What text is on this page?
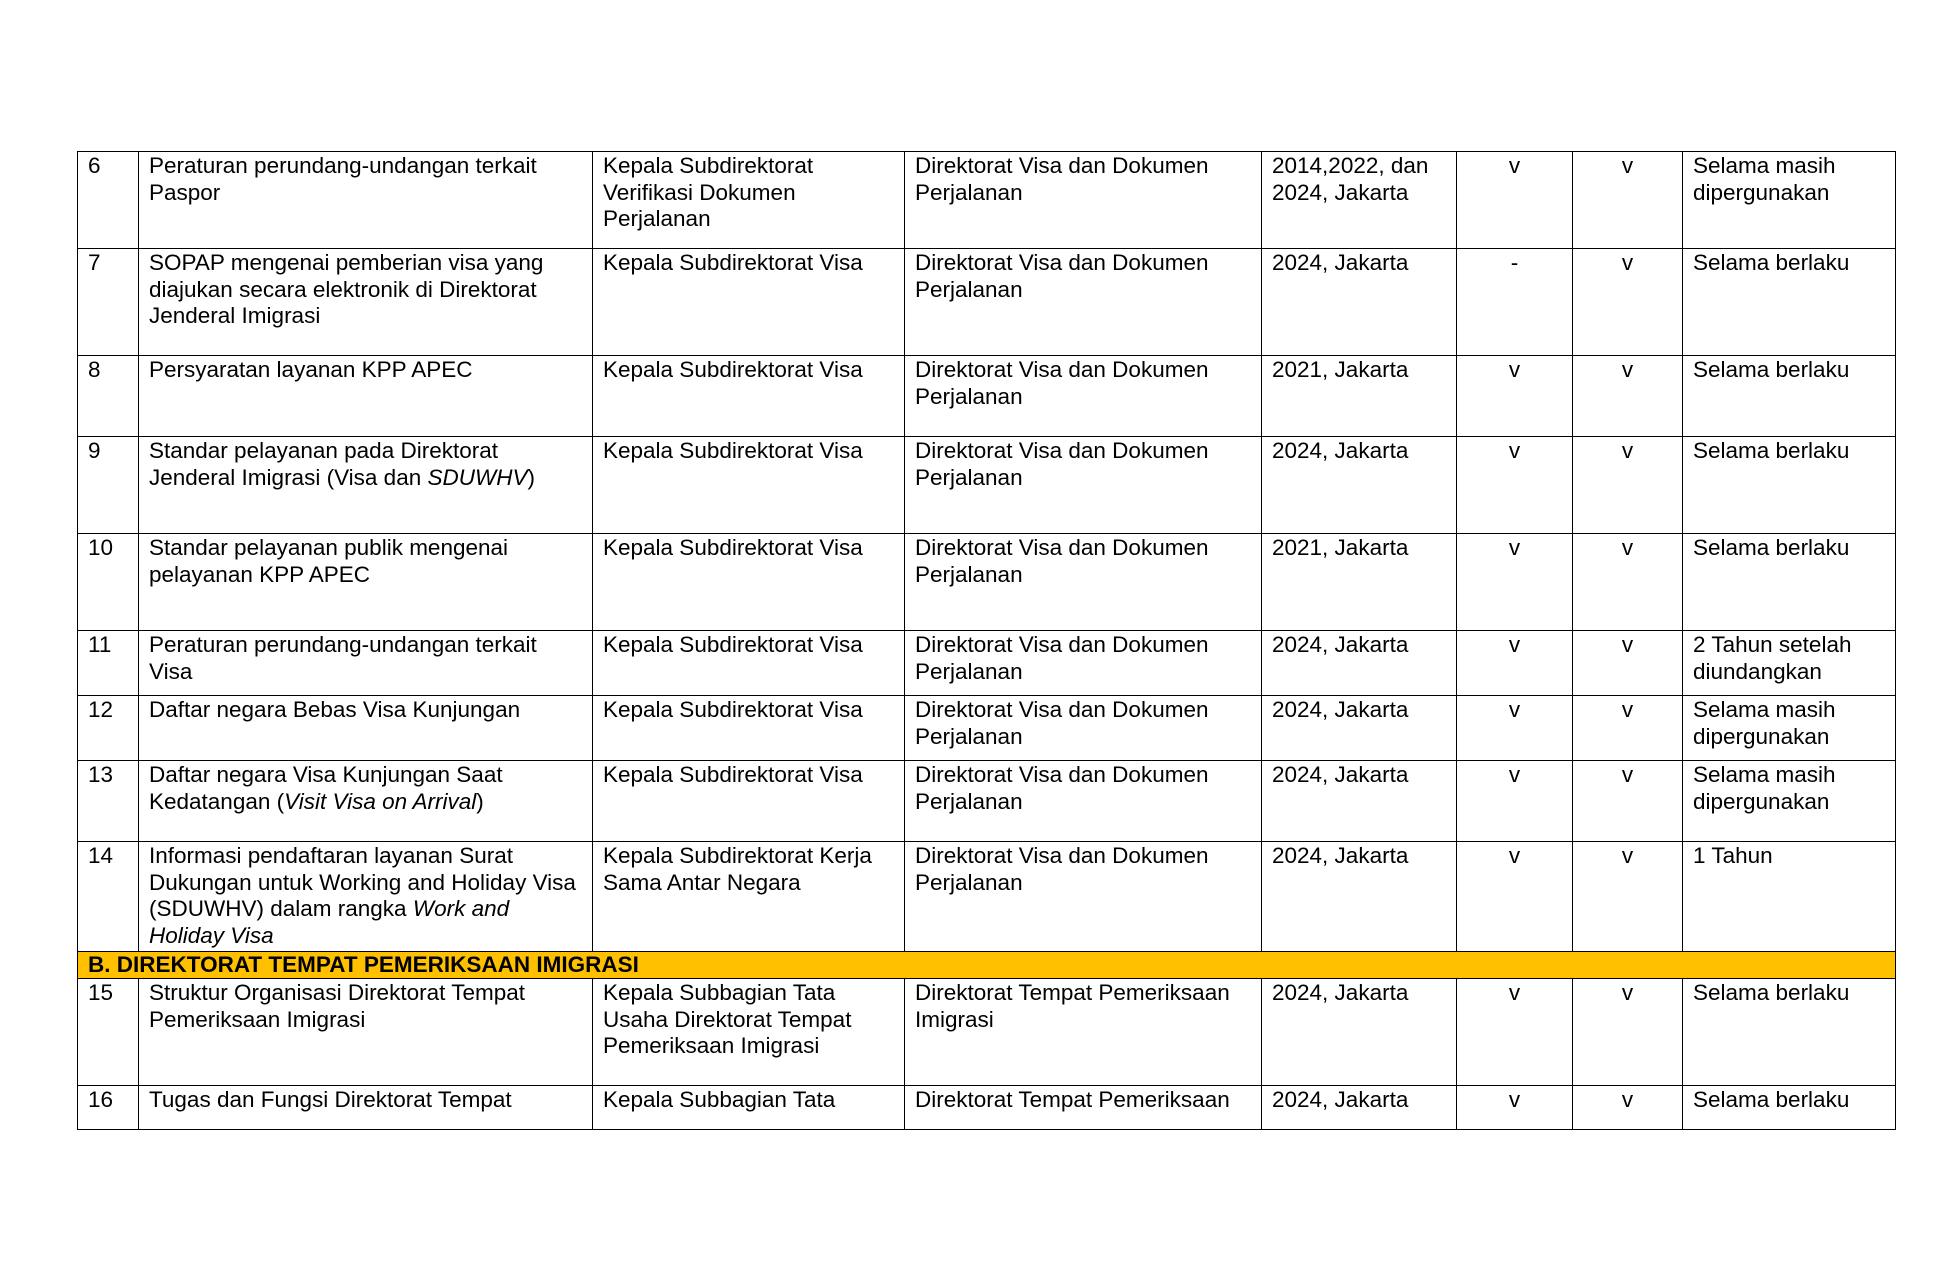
6	Peraturan perundang-undangan terkait Paspor	Kepala Subdirektorat Verifikasi Dokumen Perjalanan	Direktorat Visa dan Dokumen Perjalanan	2014,2022, dan 2024, Jakarta	v	v	Selama masih dipergunakan
7	SOPAP mengenai pemberian visa yang diajukan secara elektronik di Direktorat Jenderal Imigrasi	Kepala Subdirektorat Visa	Direktorat Visa dan Dokumen Perjalanan	2024, Jakarta	-	v	Selama berlaku
8	Persyaratan layanan KPP APEC	Kepala Subdirektorat Visa	Direktorat Visa dan Dokumen Perjalanan	2021, Jakarta	v	v	Selama berlaku
9	Standar pelayanan pada Direktorat Jenderal Imigrasi (Visa dan SDUWHV)	Kepala Subdirektorat Visa	Direktorat Visa dan Dokumen Perjalanan	2024, Jakarta	v	v	Selama berlaku
10	Standar pelayanan publik mengenai pelayanan KPP APEC	Kepala Subdirektorat Visa	Direktorat Visa dan Dokumen Perjalanan	2021, Jakarta	v	v	Selama berlaku
11	Peraturan perundang-undangan terkait Visa	Kepala Subdirektorat Visa	Direktorat Visa dan Dokumen Perjalanan	2024, Jakarta	v	v	2 Tahun setelah diundangkan
12	Daftar negara Bebas Visa Kunjungan	Kepala Subdirektorat Visa	Direktorat Visa dan Dokumen Perjalanan	2024, Jakarta	v	v	Selama masih dipergunakan
13	Daftar negara Visa Kunjungan Saat Kedatangan (Visit Visa on Arrival)	Kepala Subdirektorat Visa	Direktorat Visa dan Dokumen Perjalanan	2024, Jakarta	v	v	Selama masih dipergunakan
14	Informasi pendaftaran layanan Surat Dukungan untuk Working and Holiday Visa (SDUWHV) dalam rangka Work and Holiday Visa	Kepala Subdirektorat Kerja Sama Antar Negara	Direktorat Visa dan Dokumen Perjalanan	2024, Jakarta	v	v	1 Tahun
B. DIREKTORAT TEMPAT PEMERIKSAAN IMIGRASI							
15	Struktur Organisasi Direktorat Tempat Pemeriksaan Imigrasi	Kepala Subbagian Tata Usaha Direktorat Tempat Pemeriksaan Imigrasi	Direktorat Tempat Pemeriksaan Imigrasi	2024, Jakarta	v	v	Selama berlaku
16	Tugas dan Fungsi Direktorat Tempat	Kepala Subbagian Tata	Direktorat Tempat Pemeriksaan	2024, Jakarta	v	v	Selama berlaku
